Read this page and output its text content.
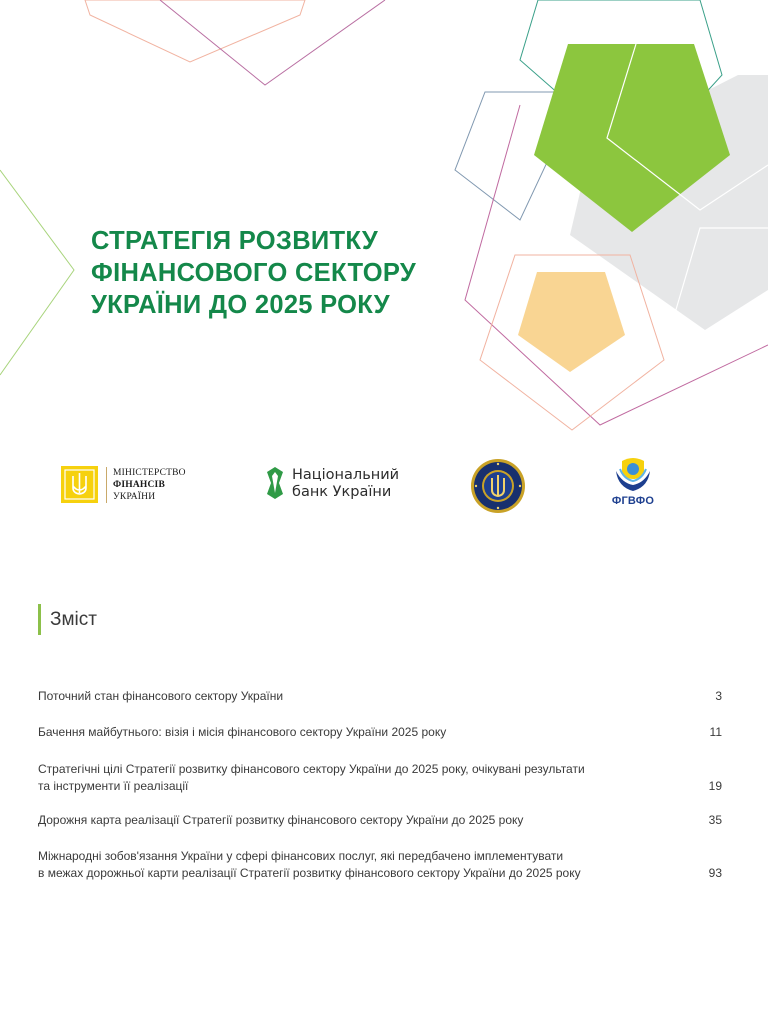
СТРАТЕГІЯ РОЗВИТКУ
ФІНАНСОВОГО СЕКТОРУ
УКРАЇНИ ДО 2025 РОКУ
МІНІСТЕРСТВО
ФІНАНСІВ
УКРАЇНИ
Національний
банк України
ФГВФО
Зміст
Поточний стан фінансового сектору України	3
Бачення майбутнього: візія і місія фінансового сектору України 2025 року	11
Стратегічні цілі Стратегії розвитку фінансового сектору України до 2025 року, очікувані результати
та інструменти її реалізації	19
Дорожня карта реалізації Стратегії розвитку фінансового сектору України до 2025 року	35
Міжнародні зобов'язання України у сфері фінансових послуг, які передбачено імплементувати
в межах дорожньої карти реалізації Стратегії розвитку фінансового сектору України до 2025 року	93
